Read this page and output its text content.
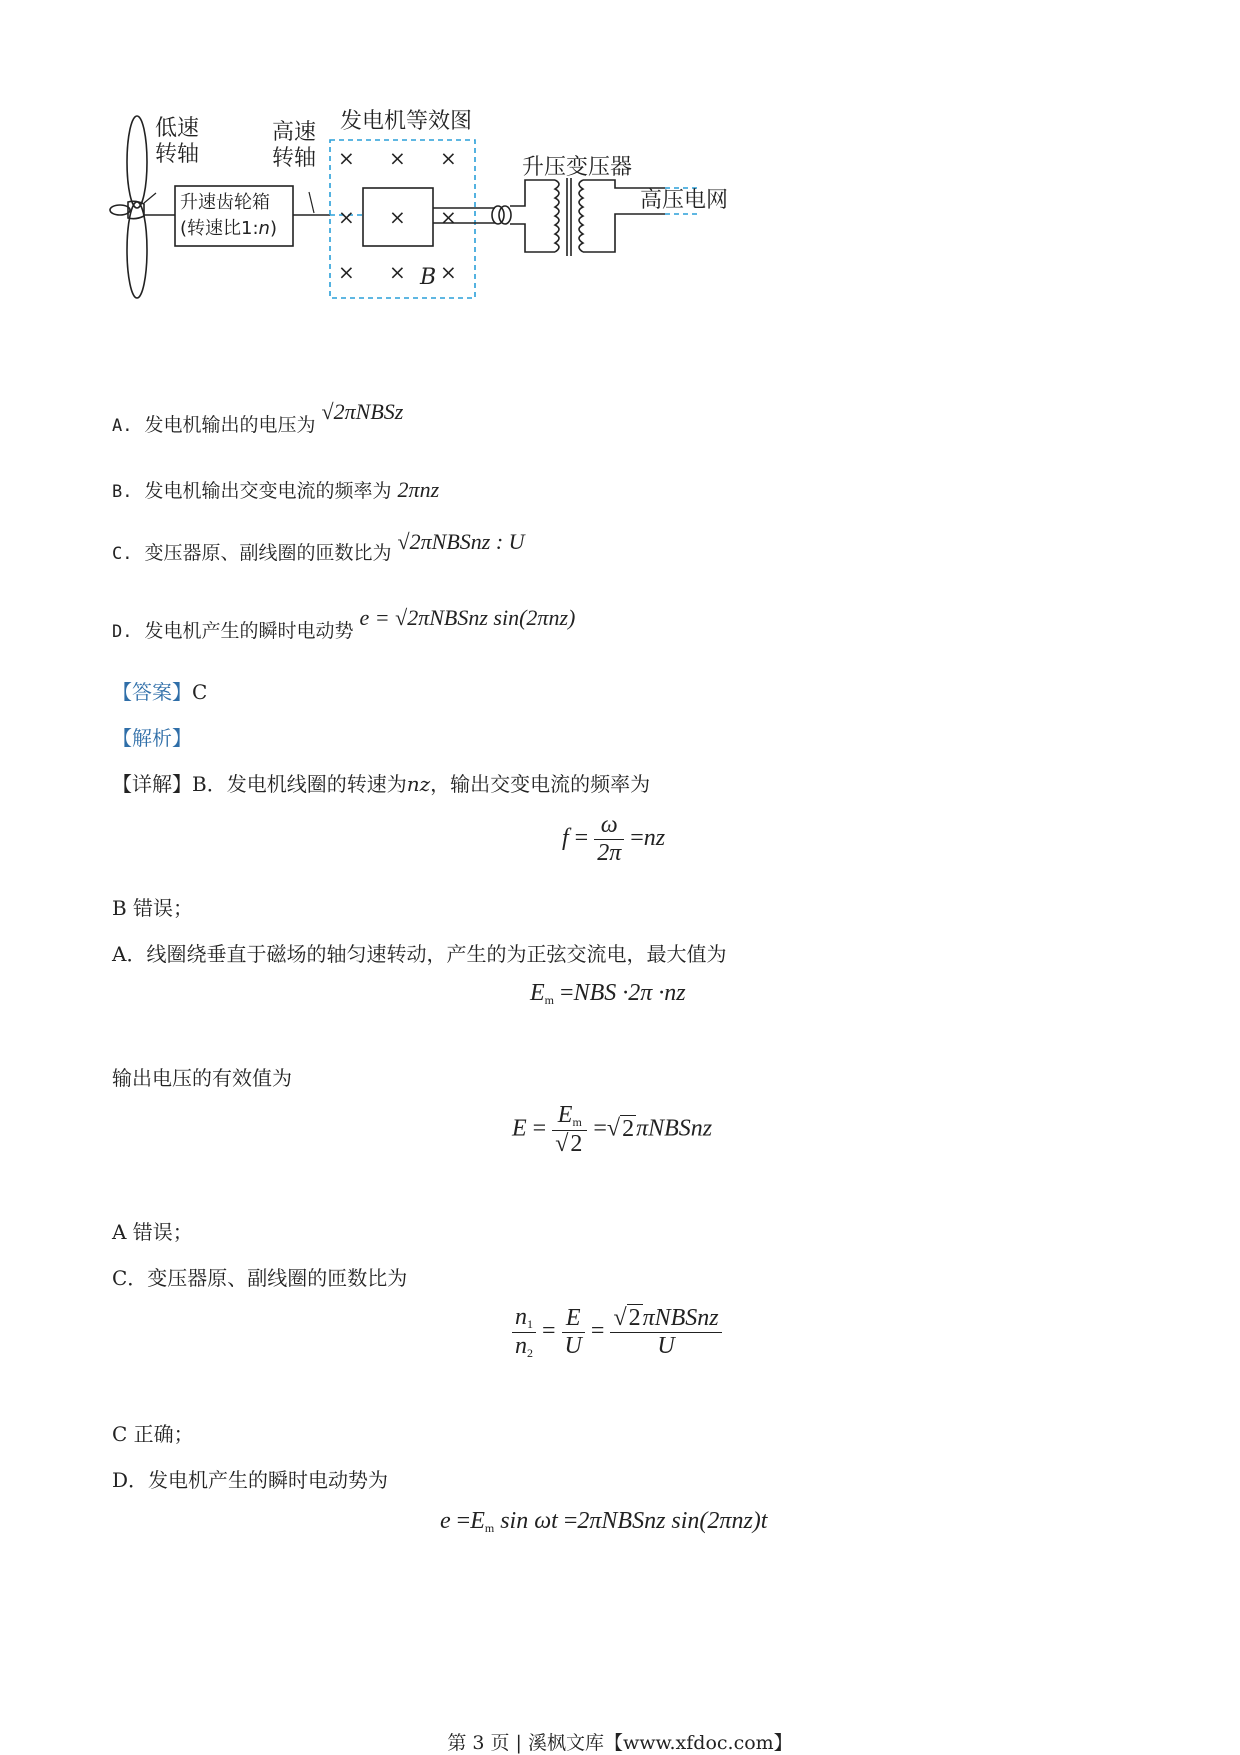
低速
转轴
高速
转轴
升速齿轮箱
(转速比1:n)
发电机等效图
× × ×
× × ×
× × ×
B
升压变压器
高压电网
A. 发电机输出的电压为 √2πNBSz
B. 发电机输出交变电流的频率为 2πnz
C. 变压器原、副线圈的匝数比为 √2πNBSnz : U
D. 发电机产生的瞬时电动势 e = √2πNBSnz sin(2πnz)
【答案】C
【解析】
【详解】B．发电机线圈的转速为nz，输出交变电流的频率为
$f = \frac{\omega}{2\pi} =nz$
B 错误；
A．线圈绕垂直于磁场的轴匀速转动，产生的为正弦交流电，最大值为
$E_m =NBS \cdot 2\pi \cdot nz$
输出电压的有效值为
$E = \frac{E_m}{√2}$ =√2πNBSnz
A 错误；
C．变压器原、副线圈的匝数比为
$\frac{n_1}{n_2} = \frac{E}{U} = \frac{\text{√2πNBSnz}}{U}$
C 正确；
D．发电机产生的瞬时电动势为
$e =E_m$ sin ωt =2πNBSnz sin(2πnz)t
第 3 页 | 溪枫文库【www.xfdoc.com】
